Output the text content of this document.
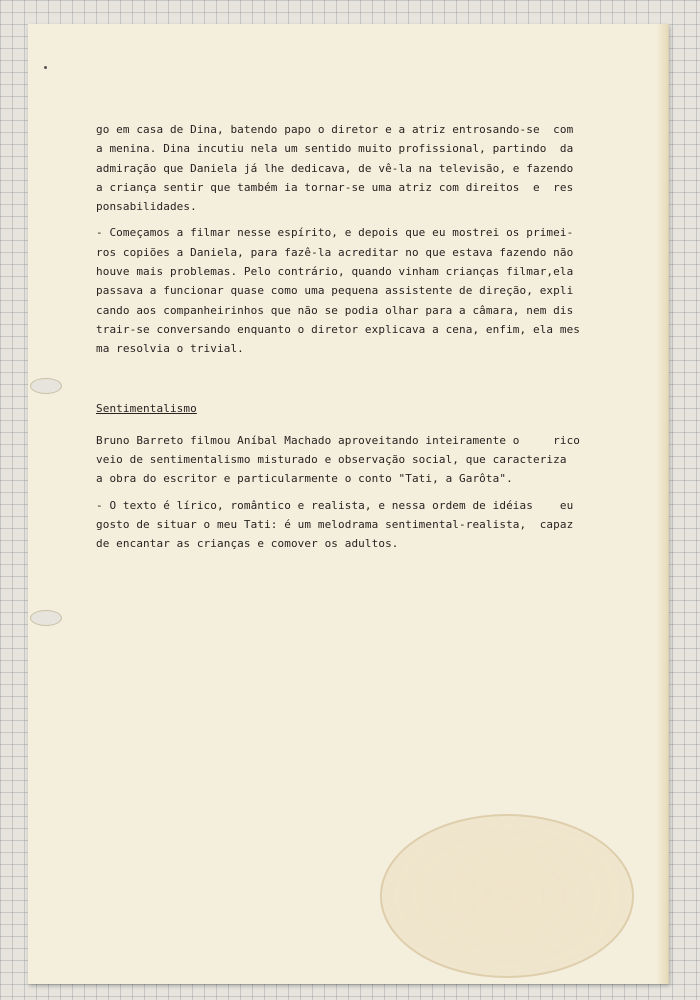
go em casa de Dina, batendo papo o diretor e a atriz entrosando-se  com
a menina. Dina incutiu nela um sentido muito profissional, partindo  da
admiração que Daniela já lhe dedicava, de vê-la na televisão, e fazendo
a criança sentir que também ia tornar-se uma atriz com direitos  e  res
ponsabilidades.
- Começamos a filmar nesse espírito, e depois que eu mostrei os primei-
ros copiões a Daniela, para fazê-la acreditar no que estava fazendo não
houve mais problemas. Pelo contrário, quando vinham crianças filmar,ela
passava a funcionar quase como uma pequena assistente de direção, expli
cando aos companheirinhos que não se podia olhar para a câmara, nem dis
trair-se conversando enquanto o diretor explicava a cena, enfim, ela mes
ma resolvia o trivial.
Sentimentalismo
Bruno Barreto filmou Aníbal Machado aproveitando inteiramente o     rico
veio de sentimentalismo misturado e observação social, que caracteriza
a obra do escritor e particularmente o conto "Tati, a Garôta".
- O texto é lírico, romântico e realista, e nessa ordem de idéias    eu
gosto de situar o meu Tati: é um melodrama sentimental-realista,  capaz
de encantar as crianças e comover os adultos.
